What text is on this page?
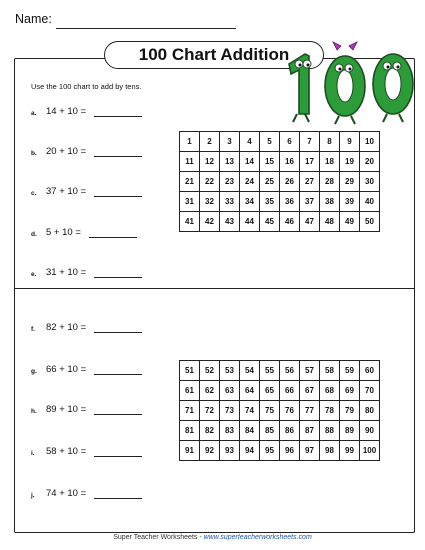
Name:
100 Chart Addition
Use the 100 chart to add by tens.
a.	14 + 10 =
b. 20 + 10 =
c.	37 + 10 =
d. 5 + 10 =
e.	31 + 10 =
f.	82 + 10 =
g. 66 + 10 =
h. 89 + 10 =
i.	58 + 10 =
j.	74 + 10 =
1	2	3	4	5	6	7	8	9	10
11	12	13	14	15	16	17	18	19	20
21	22	23	24	25	26	27	28	29	30
31	32	33	34	35	36	37	38	39	40
41	42	43	44	45	46	47	48	49	50
51	52	53	54	55	56	57	58	59	60
61	62	63	64	65	66	67	68	69	70
71	72	73	74	75	76	77	78	79	80
81	82	83	84	85	86	87	88	89	90
91	92	93	94	95	96	97	98	99	100
Super Teacher Worksheets - www.superteacherworksheets.com
